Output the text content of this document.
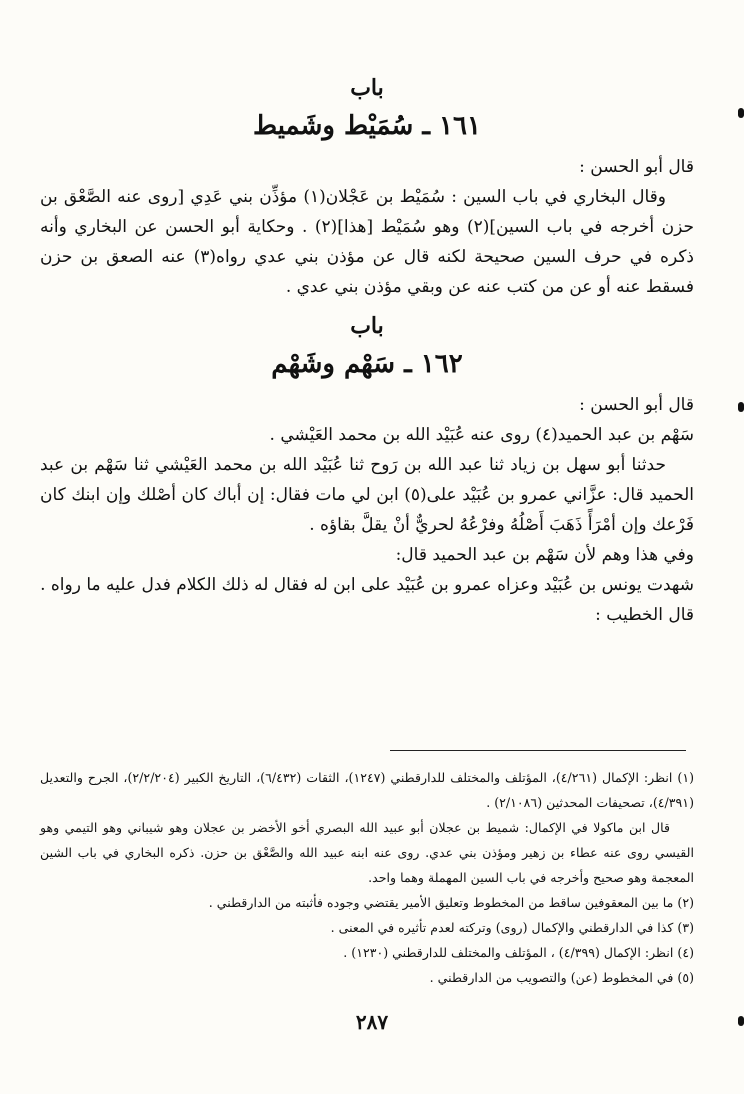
باب

١٦١ ـ سُمَيْط وشَميط

قال أبو الحسن :

وقال البخاري في باب السين : سُمَيْط بن عَجْلان(١) مؤذِّن بني عَدِي [روى عنه الصَّعْق بن حزن أخرجه في باب السين](٢) وهو سُمَيْط [هذا](٢) . وحكاية أبو الحسن عن البخاري وأنه ذكره في حرف السين صحيحة لكنه قال عن مؤذن بني عدي رواه(٣) عنه الصعق بن حزن فسقط عنه أو عن من كتب عنه عن وبقي مؤذن بني عدي .

باب

١٦٢ ـ سَهْم وشَهْم

قال أبو الحسن :

سَهْم بن عبد الحميد(٤) روى عنه عُبَيْد الله بن محمد العَيْشي .

حدثنا أبو سهل بن زياد ثنا عبد الله بن رَوح ثنا عُبَيْد الله بن محمد العَيْشي ثنا سَهْم بن عبد الحميد قال: عزَّاني عمرو بن عُبَيْد على(٥) ابن لي مات فقال: إن أباك كان أصْلك وإن ابنك كان فَرْعك وإن أمْرَأً ذَهَبَ أَصْلُهُ وفرْعُهُ لحريٌّ أنْ يقلَّ بقاؤه .

وفي هذا وهم لأن سَهْم بن عبد الحميد قال:

شهدت يونس بن عُبَيْد وعزاه عمرو بن عُبَيْد على ابن له فقال له ذلك الكلام فدل عليه ما رواه .

قال الخطيب :

(١) انظر: الإكمال (٤/٢٦١)، المؤتلف والمختلف للدارقطني (١٢٤٧)، الثقات (٦/٤٣٢)، التاريخ الكبير (٢/٢/٢٠٤)، الجرح والتعديل (٤/٣٩١)، تصحيفات المحدثين (٢/١٠٨٦) .

قال ابن ماكولا في الإكمال: شميط بن عجلان أبو عبيد الله البصري أخو الأخضر بن عجلان وهو شيباني وهو التيمي وهو القيسي روى عنه عطاء بن زهير ومؤذن بني عدي. روى عنه ابنه عبيد الله والصَّعْق بن حزن. ذكره البخاري في باب الشين المعجمة وهو صحيح وأخرجه في باب السين المهملة وهما واحد.

(٢) ما بين المعقوفين ساقط من المخطوط وتعليق الأمير يقتضي وجوده فأثبته من الدارقطني .

(٣) كذا في الدارقطني والإكمال (روى) وتركته لعدم تأثيره في المعنى .

(٤) انظر: الإكمال (٤/٣٩٩) ، المؤتلف والمختلف للدارقطني (١٢٣٠) .

(٥) في المخطوط (عن) والتصويب من الدارقطني .

٢٨٧
